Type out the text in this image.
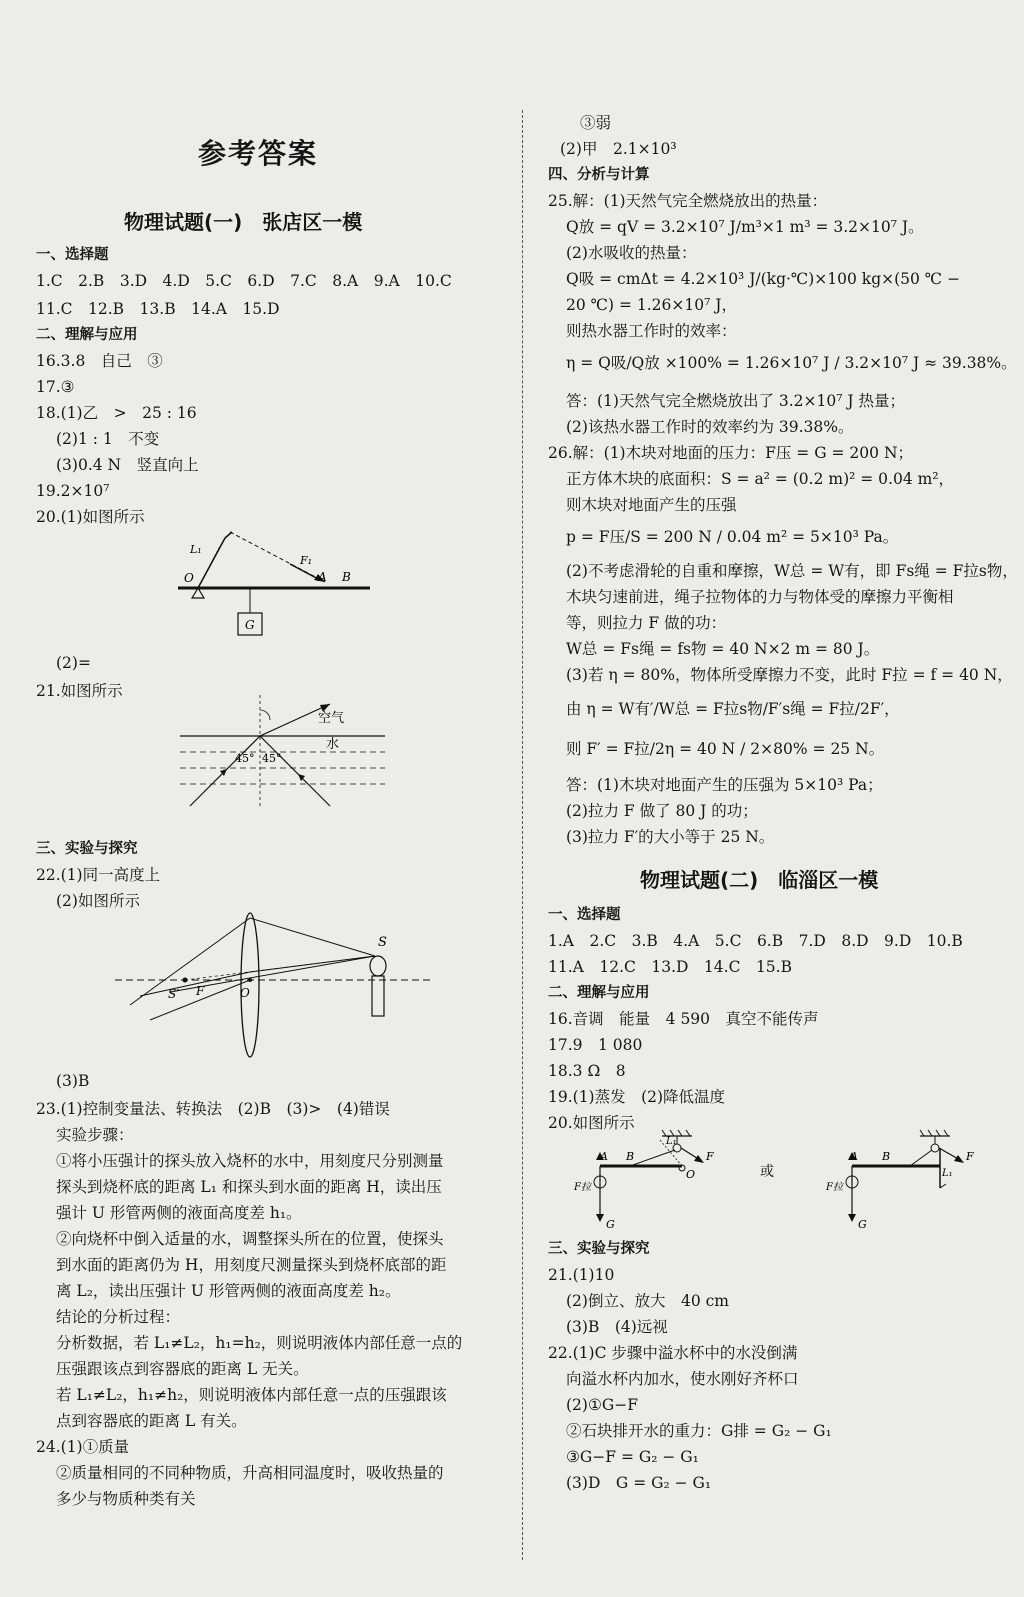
参考答案
物理试题(一)　张店区一模
一、选择题
1.C　2.B　3.D　4.D　5.C　6.D　7.C　8.A　9.A　10.C
11.C　12.B　13.B　14.A　15.D
二、理解与应用
16.3.8　自己　③
17.③
18.(1)乙　>　25 : 16
(2)1 : 1　不变
(3)0.4 N　竖直向上
19.2×10⁷
20.(1)如图所示
O
L₁
F₁
A B
G
(2)=
21.如图所示
空气
水
45° 45°
三、实验与探究
22.(1)同一高度上
(2)如图所示
S
S′ F	O
(3)B
23.(1)控制变量法、转换法　(2)B　(3)>　(4)错误
实验步骤：
①将小压强计的探头放入烧杯的水中，用刻度尺分别测量
探头到烧杯底的距离 L₁ 和探头到水面的距离 H，读出压
强计 U 形管两侧的液面高度差 h₁。
②向烧杯中倒入适量的水，调整探头所在的位置，使探头
到水面的距离仍为 H，用刻度尺测量探头到烧杯底部的距
离 L₂，读出压强计 U 形管两侧的液面高度差 h₂。
结论的分析过程：
分析数据，若 L₁≠L₂，h₁=h₂，则说明液体内部任意一点的
压强跟该点到容器底的距离 L 无关。
若 L₁≠L₂，h₁≠h₂，则说明液体内部任意一点的压强跟该
点到容器底的距离 L 有关。
24.(1)①质量
②质量相同的不同种物质，升高相同温度时，吸收热量的
多少与物质种类有关
③弱
(2)甲　2.1×10³
四、分析与计算
25.解：(1)天然气完全燃烧放出的热量：
Q放 = qV = 3.2×10⁷ J/m³×1 m³ = 3.2×10⁷ J。
(2)水吸收的热量：
Q吸 = cmΔt = 4.2×10³ J/(kg·℃)×100 kg×(50 ℃ −
20 ℃) = 1.26×10⁷ J，
则热水器工作时的效率：
η = Q吸/Q放 ×100% = 1.26×10⁷ J / 3.2×10⁷ J ≈ 39.38%。
答：(1)天然气完全燃烧放出了 3.2×10⁷ J 热量；
(2)该热水器工作时的效率约为 39.38%。
26.解：(1)木块对地面的压力：F压 = G = 200 N；
正方体木块的底面积：S = a² = (0.2 m)² = 0.04 m²，
则木块对地面产生的压强
p = F压/S = 200 N / 0.04 m² = 5×10³ Pa。
(2)不考虑滑轮的自重和摩擦，W总 = W有，即 Fs绳 = F拉s物，
木块匀速前进，绳子拉物体的力与物体受的摩擦力平衡相
等，则拉力 F 做的功：
W总 = Fs绳 = fs物 = 40 N×2 m = 80 J。
(3)若 η = 80%，物体所受摩擦力不变，此时 F拉 = f = 40 N，
由 η = W有′/W总 = F拉s物/F′s绳 = F拉/2F′，
则 F′ = F拉/2η = 40 N / 2×80% = 25 N。
答：(1)木块对地面产生的压强为 5×10³ Pa；
(2)拉力 F 做了 80 J 的功；
(3)拉力 F′的大小等于 25 N。
物理试题(二)　临淄区一模
一、选择题
1.A　2.C　3.B　4.A　5.C　6.B　7.D　8.D　9.D　10.B
11.A　12.C　13.D　14.C　15.B
二、理解与应用
16.音调　能量　4 590　真空不能传声
17.9　1 080
18.3 Ω　8
19.(1)蒸发　(2)降低温度
20.如图所示
A B
O
L₁
F
F拉
G
或
A B
L₁
F
F拉
G
三、实验与探究
21.(1)10
(2)倒立、放大　40 cm
(3)B　(4)远视
22.(1)C 步骤中溢水杯中的水没倒满
向溢水杯内加水，使水刚好齐杯口
(2)①G−F
②石块排开水的重力：G排 = G₂ − G₁
③G−F = G₂ − G₁
(3)D　G = G₂ − G₁
